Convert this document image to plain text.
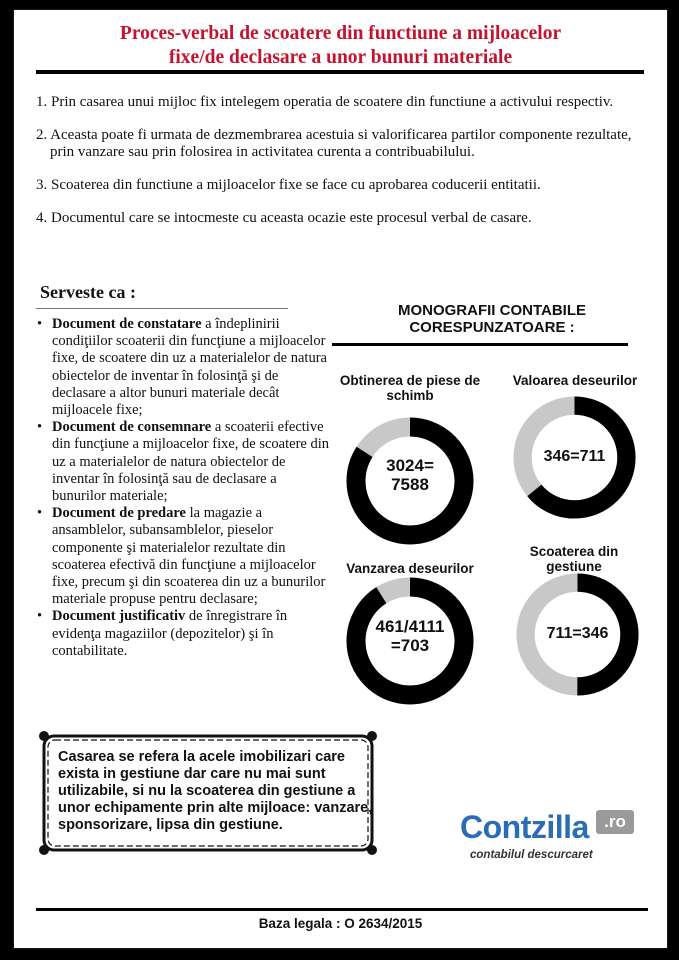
Proces-verbal de scoatere din functiune a mijloacelor
fixe/de declasare a unor bunuri materiale

1. Prin casarea unui mijloc fix intelegem operatia de scoatere din functiune a activului respectiv.

2. Aceasta poate fi urmata de dezmembrarea acestuia si valorificarea partilor componente rezultate, prin vanzare sau prin folosirea in activitatea curenta a contribuabilului.

3. Scoaterea din functiune a mijloacelor fixe se face cu aprobarea coducerii entitatii.

4. Documentul care se intocmeste cu aceasta ocazie este procesul verbal de casare.

Serveste ca :
• Document de constatare a îndeplinirii condiţiilor scoaterii din funcţiune a mijloacelor fixe, de scoatere din uz a materialelor de natura obiectelor de inventar în folosinţă şi de declasare a altor bunuri materiale decât mijloacele fixe;
• Document de consemnare a scoaterii efective din funcţiune a mijloacelor fixe, de scoatere din uz a materialelor de natura obiectelor de inventar în folosinţă sau de declasare a bunurilor materiale;
• Document de predare la magazie a ansamblelor, subansamblelor, pieselor componente şi materialelor rezultate din scoaterea efectivă din funcţiune a mijloacelor fixe, precum şi din scoaterea din uz a bunurilor materiale propuse pentru declasare;
• Document justificativ de înregistrare în evidenţa magaziilor (depozitelor) şi în contabilitate.
MONOGRAFII CONTABILE
CORESPUNZATOARE :
Obtinerea de piese de schimb
3024=
7588
Valoarea deseurilor
346=711
Vanzarea deseurilor
461/4111
=703
Scoaterea din gestiune
711=346
Casarea se refera la acele imobilizari care exista in gestiune dar care nu mai sunt utilizabile, si nu la scoaterea din gestiune a unor echipamente prin alte mijloace: vanzare, sponsorizare, lipsa din gestiune.	Contzilla .ro
contabilul descurcaret
Baza legala : O 2634/2015
